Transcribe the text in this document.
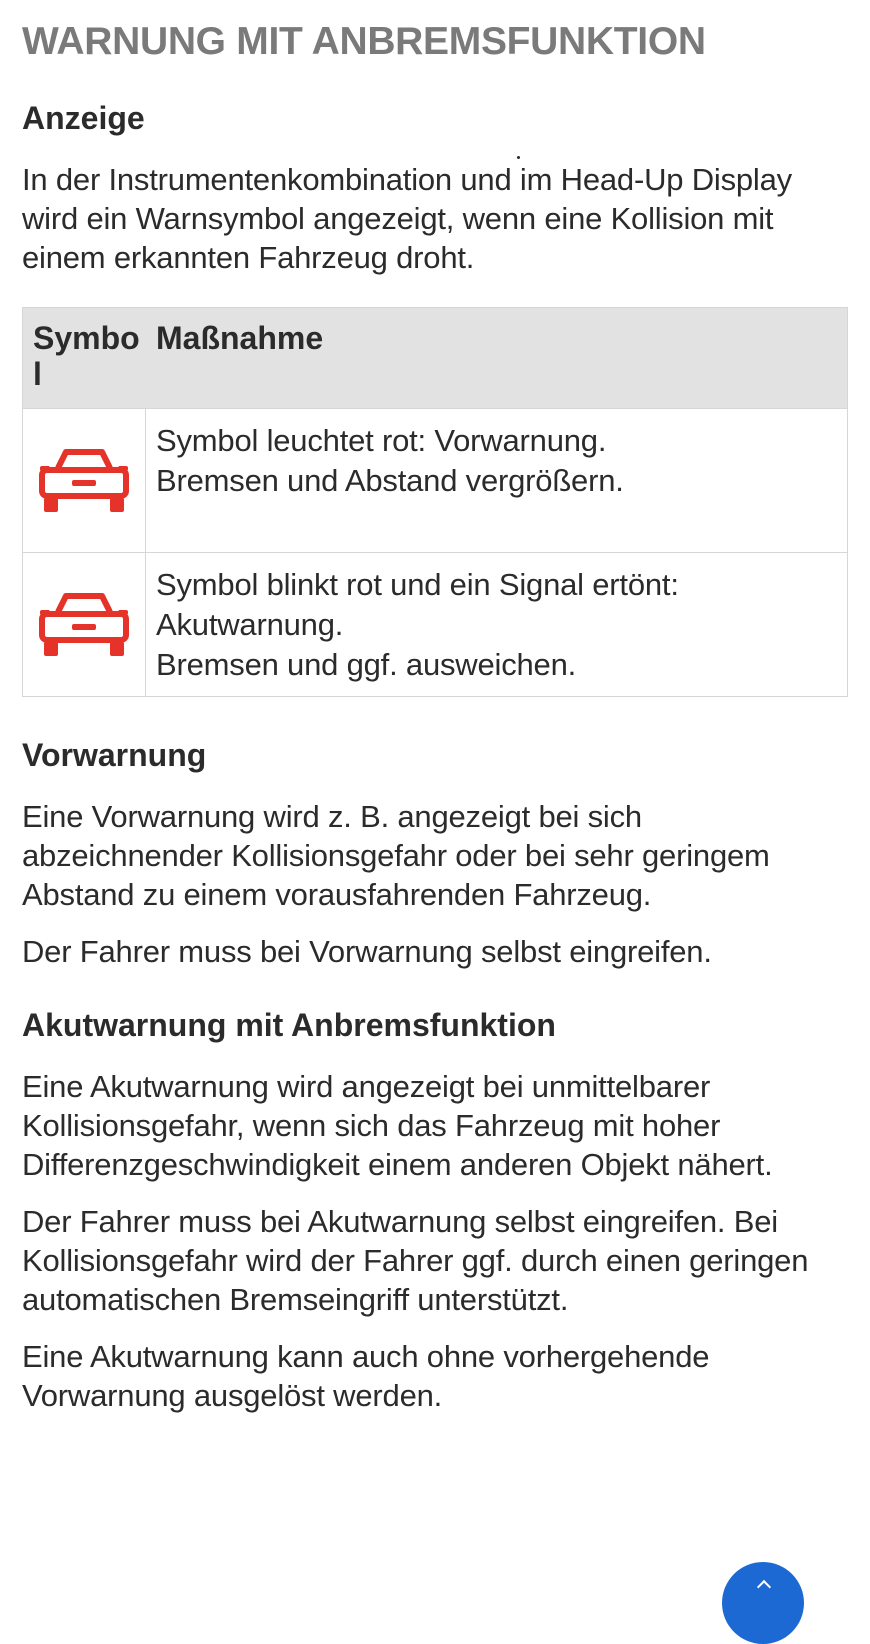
WARNUNG MIT ANBREMSFUNKTION
Anzeige

In der Instrumentenkombination und im Head-Up Display wird ein Warnsymbol angezeigt, wenn eine Kollision mit einem erkannten Fahrzeug droht.

Symbol
Maßnahme

Symbol leuchtet rot: Vorwarnung.

Bremsen und Abstand vergrößern.

Symbol blinkt rot und ein Signal ertönt:

Akutwarnung.

Bremsen und ggf. ausweichen.

Vorwarnung

Eine Vorwarnung wird z. B. angezeigt bei sich abzeichnender Kollisionsgefahr oder bei sehr geringem Abstand zu einem vorausfahrenden Fahrzeug.

Der Fahrer muss bei Vorwarnung selbst eingreifen.

Akutwarnung mit Anbremsfunktion

Eine Akutwarnung wird angezeigt bei unmittelbarer Kollisionsgefahr, wenn sich das Fahrzeug mit hoher Differenzgeschwindigkeit einem anderen Objekt nähert.

Der Fahrer muss bei Akutwarnung selbst eingreifen. Bei Kollisionsgefahr wird der Fahrer ggf. durch einen geringen automatischen Bremseingriff unterstützt.

Eine Akutwarnung kann auch ohne vorhergehende Vorwarnung ausgelöst werden.
